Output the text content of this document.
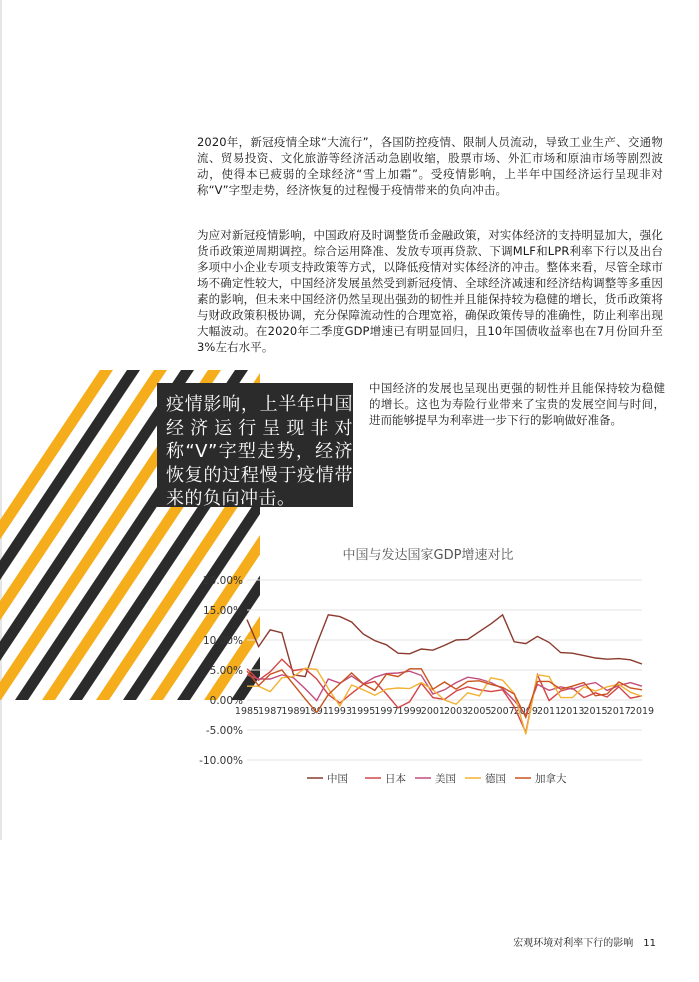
2020年，新冠疫情全球“大流行”，各国防控疫情、限制人员流动，导致工业生产、交通物流、贸易投资、文化旅游等经济活动急剧收缩，股票市场、外汇市场和原油市场等剧烈波动，使得本已疲弱的全球经济“雪上加霜”。受疫情影响，上半年中国经济运行呈现非对称“V”字型走势，经济恢复的过程慢于疫情带来的负向冲击。

为应对新冠疫情影响，中国政府及时调整货币金融政策，对实体经济的支持明显加大，强化货币政策逆周期调控。综合运用降准、发放专项再贷款、下调MLF和LPR利率下行以及出台多项中小企业专项支持政策等方式，以降低疫情对实体经济的冲击。整体来看，尽管全球市场不确定性较大，中国经济发展虽然受到新冠疫情、全球经济减速和经济结构调整等多重因素的影响，但未来中国经济仍然呈现出强劲的韧性并且能保持较为稳健的增长，货币政策将与财政政策积极协调，充分保障流动性的合理宽裕，确保政策传导的准确性，防止利率出现大幅波动。在2020年二季度GDP增速已有明显回归，且10年国债收益率也在7月份回升至3%左右水平。

疫情影响，上半年中国经济运行呈现非对称“V”字型走势，经济恢复的过程慢于疫情带来的负向冲击。

中国经济的发展也呈现出更强的韧性并且能保持较为稳健的增长。这也为寿险行业带来了宝贵的发展空间与时间，进而能够提早为利率进一步下行的影响做好准备。

中国与发达国家GDP增速对比
20.00%
15.00%
10.00%
5.00%
0.00%
-5.00%
-10.00%
1985 1987 1989 1991 1993 1995 1997 1999 2001 2003 2005 2007 2009 2011 2013 2015 2017 2019
中国	日本	美国	德国	加拿大
宏观环境对利率下行的影响 11
